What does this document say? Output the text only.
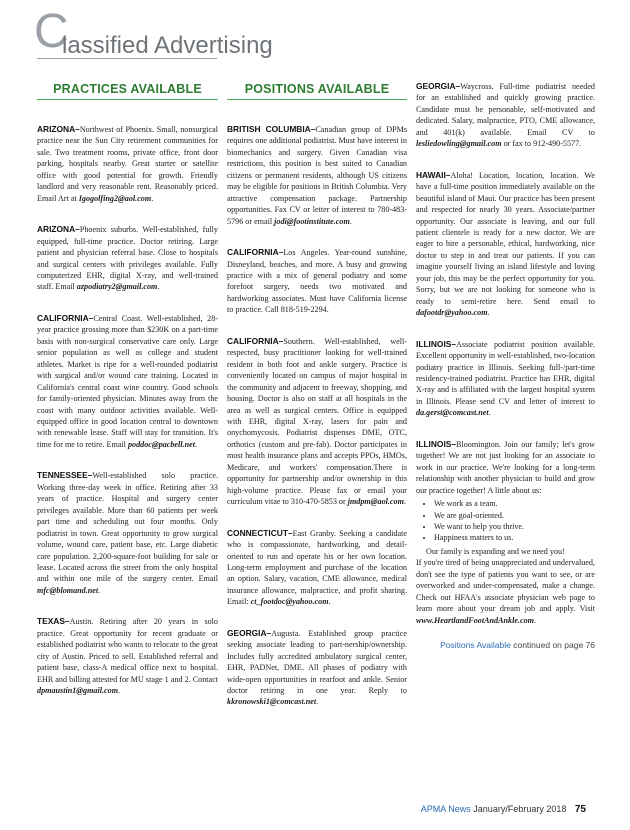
C
lassified Advertising
PRACTICES AVAILABLE

ARIZONA–Northwest of Phoenix. Small, nonsurgical practice near the Sun City retirement communities for sale. Two treatment rooms, private office, front door parking, hospitals nearby. Great starter or satellite office with good potential for growth. Friendly landlord and very reasonable rent. Reasonably priced. Email Art at Igogolfing2@aol.com.

ARIZONA–Phoenix suburbs. Well-established, fully equipped, full-time practice. Doctor retiring. Large patient and physician referral base. Close to hospitals and surgical centers with privileges available. Fully computerized EHR, digital X-ray, and well-trained staff. Email azpodiatry2@gmail.com.

CALIFORNIA–Central Coast. Well-established, 28-year practice grossing more than $230K on a part-time basis with non-surgical conservative care only. Large senior population as well as college and student athletes. Market is ripe for a well-rounded podiatrist with surgical and/or wound care training. Located in California's central coast wine country. Good schools for family-oriented physician. Minutes away from the coast with many outdoor activities available. Well-equipped office in good location central to downtown with renewable lease. Staff will stay for transition. It's time for me to retire. Email poddoc@pacbell.net.

TENNESSEE–Well-established solo practice. Working three-day week in office. Retiring after 33 years of practice. Hospital and surgery center privileges available. More than 60 patients per week part time and scheduling out four months. Only podiatrist in town. Great opportunity to grow surgical volume, wound care, patient base, etc. Large diabetic care population. 2,200-square-foot building for sale or lease. Located across the street from the only hospital and within one mile of the surgery center. Email mfc@blomand.net.

TEXAS–Austin. Retiring after 20 years in solo practice. Great opportunity for recent graduate or established podiatrist who wants to relocate to the great city of Austin. Priced to sell. Established referral and patient base, class-A medical office next to hospital. EHR and billing attested for MU stage 1 and 2. Contact dpmaustin1@gmail.com.

POSITIONS AVAILABLE

BRITISH COLUMBIA–Canadian group of DPMs requires one additional podiatrist. Must have interest in biomechanics and surgery. Given Canadian visa restrictions, this position is best suited to Canadian citizens or permanent residents, although US citizens may be eligible for positions in British Columbia. Very attractive compensation package. Partnership opportunities. Fax CV or letter of interest to 780-483-5796 or email jodi@footinstitute.com.

CALIFORNIA–Los Angeles. Year-round sunshine, Disneyland, beaches, and more. A busy and growing practice with a mix of general podiatry and some forefoot surgery, needs two motivated and hardworking associates. Must have California license to practice. Call 818-519-2294.

CALIFORNIA–Southern. Well-established, well-respected, busy practitioner looking for well-trained resident in both foot and ankle surgery. Practice is conveniently located on campus of major hospital in the community and adjacent to freeway, shopping, and housing. Doctor is also on staff at all hospitals in the area as well as surgical centers. Office is equipped with EHR, digital X-ray, lasers for pain and onychomycosis. Podiatrist dispenses DME, OTC, orthotics (custom and pre-fab). Doctor participates in most health insurance plans and accepts PPOs, HMOs, Medicare, and workers' compensation.There is opportunity for partnership and/or ownership in this high-volume practice. Please fax or email your curriculum vitae to 310-470-5853 or jmdpm@aol.com.

CONNECTICUT–East Granby. Seeking a candidate who is compassionate, hardworking, and detail-oriented to run and operate his or her own location. Long-term employment and purchase of the location an option. Salary, vacation, CME allowance, medical insurance allowance, malpractice, and profit sharing. Email: ct_footdoc@yahoo.com.

GEORGIA–Augusta. Established group practice seeking associate leading to part-nership/ownership. Includes fully accredited ambulatory surgical center, EHR, PADNet, DME. All phases of podiatry with wide-open opportunities in rearfoot and ankle. Senior doctor retiring in one year. Reply to kkronowski1@comcast.net.

GEORGIA–Waycross. Full-time podiatrist needed for an established and quickly growing practice. Candidate must be personable, self-motivated and dedicated. Salary, malpractice, PTO, CME allowance, and 401(k) available. Email CV to lesliedowling@gmail.com or fax to 912-490-5577.

HAWAII–Aloha! Location, location, location. We have a full-time position immediately available on the beautiful island of Maui. Our practice has been present and respected for nearly 30 years. Associate/partner opportunity. Our associate is leaving, and our full patient clientele is ready for a new doctor. We are eager to hire a personable, ethical, hardworking, nice doctor to step in and treat our patients. If you can imagine yourself living an island lifestyle and loving your job, this may be the perfect opportunity for you. Sorry, but we are not looking for someone who is ready to semi-retire here. Send email to dafootdr@yahoo.com.

ILLINOIS–Associate podiatrist position available. Excellent opportunity in well-established, two-location podiatry practice in Illinois. Seeking full-/part-time residency-trained podiatrist. Practice has EHR, digital X-ray and is affiliated with the largest hospital system in Illinois. Please send CV and letter of interest to da.gerst@comcast.net.

ILLINOIS–Bloomington. Join our family; let's grow together! We are not just looking for an associate to work in our practice. We're looking for a long-term relationship with another physician to build and grow our practice together! A little about us:
• We work as a team.
• We are goal-oriented.
• We want to help you thrive.
• Happiness matters to us.
Our family is expanding and we need you!
If you're tired of being unappreciated and undervalued, don't see the type of patients you want to see, or are overworked and under-compensated, make a change. Check out HFAA's associate physician web page to learn more about your dream job and apply. Visit www.HeartlandFootAndAnkle.com.
Positions Available continued on page 76
APMA News January/February 2018 75
